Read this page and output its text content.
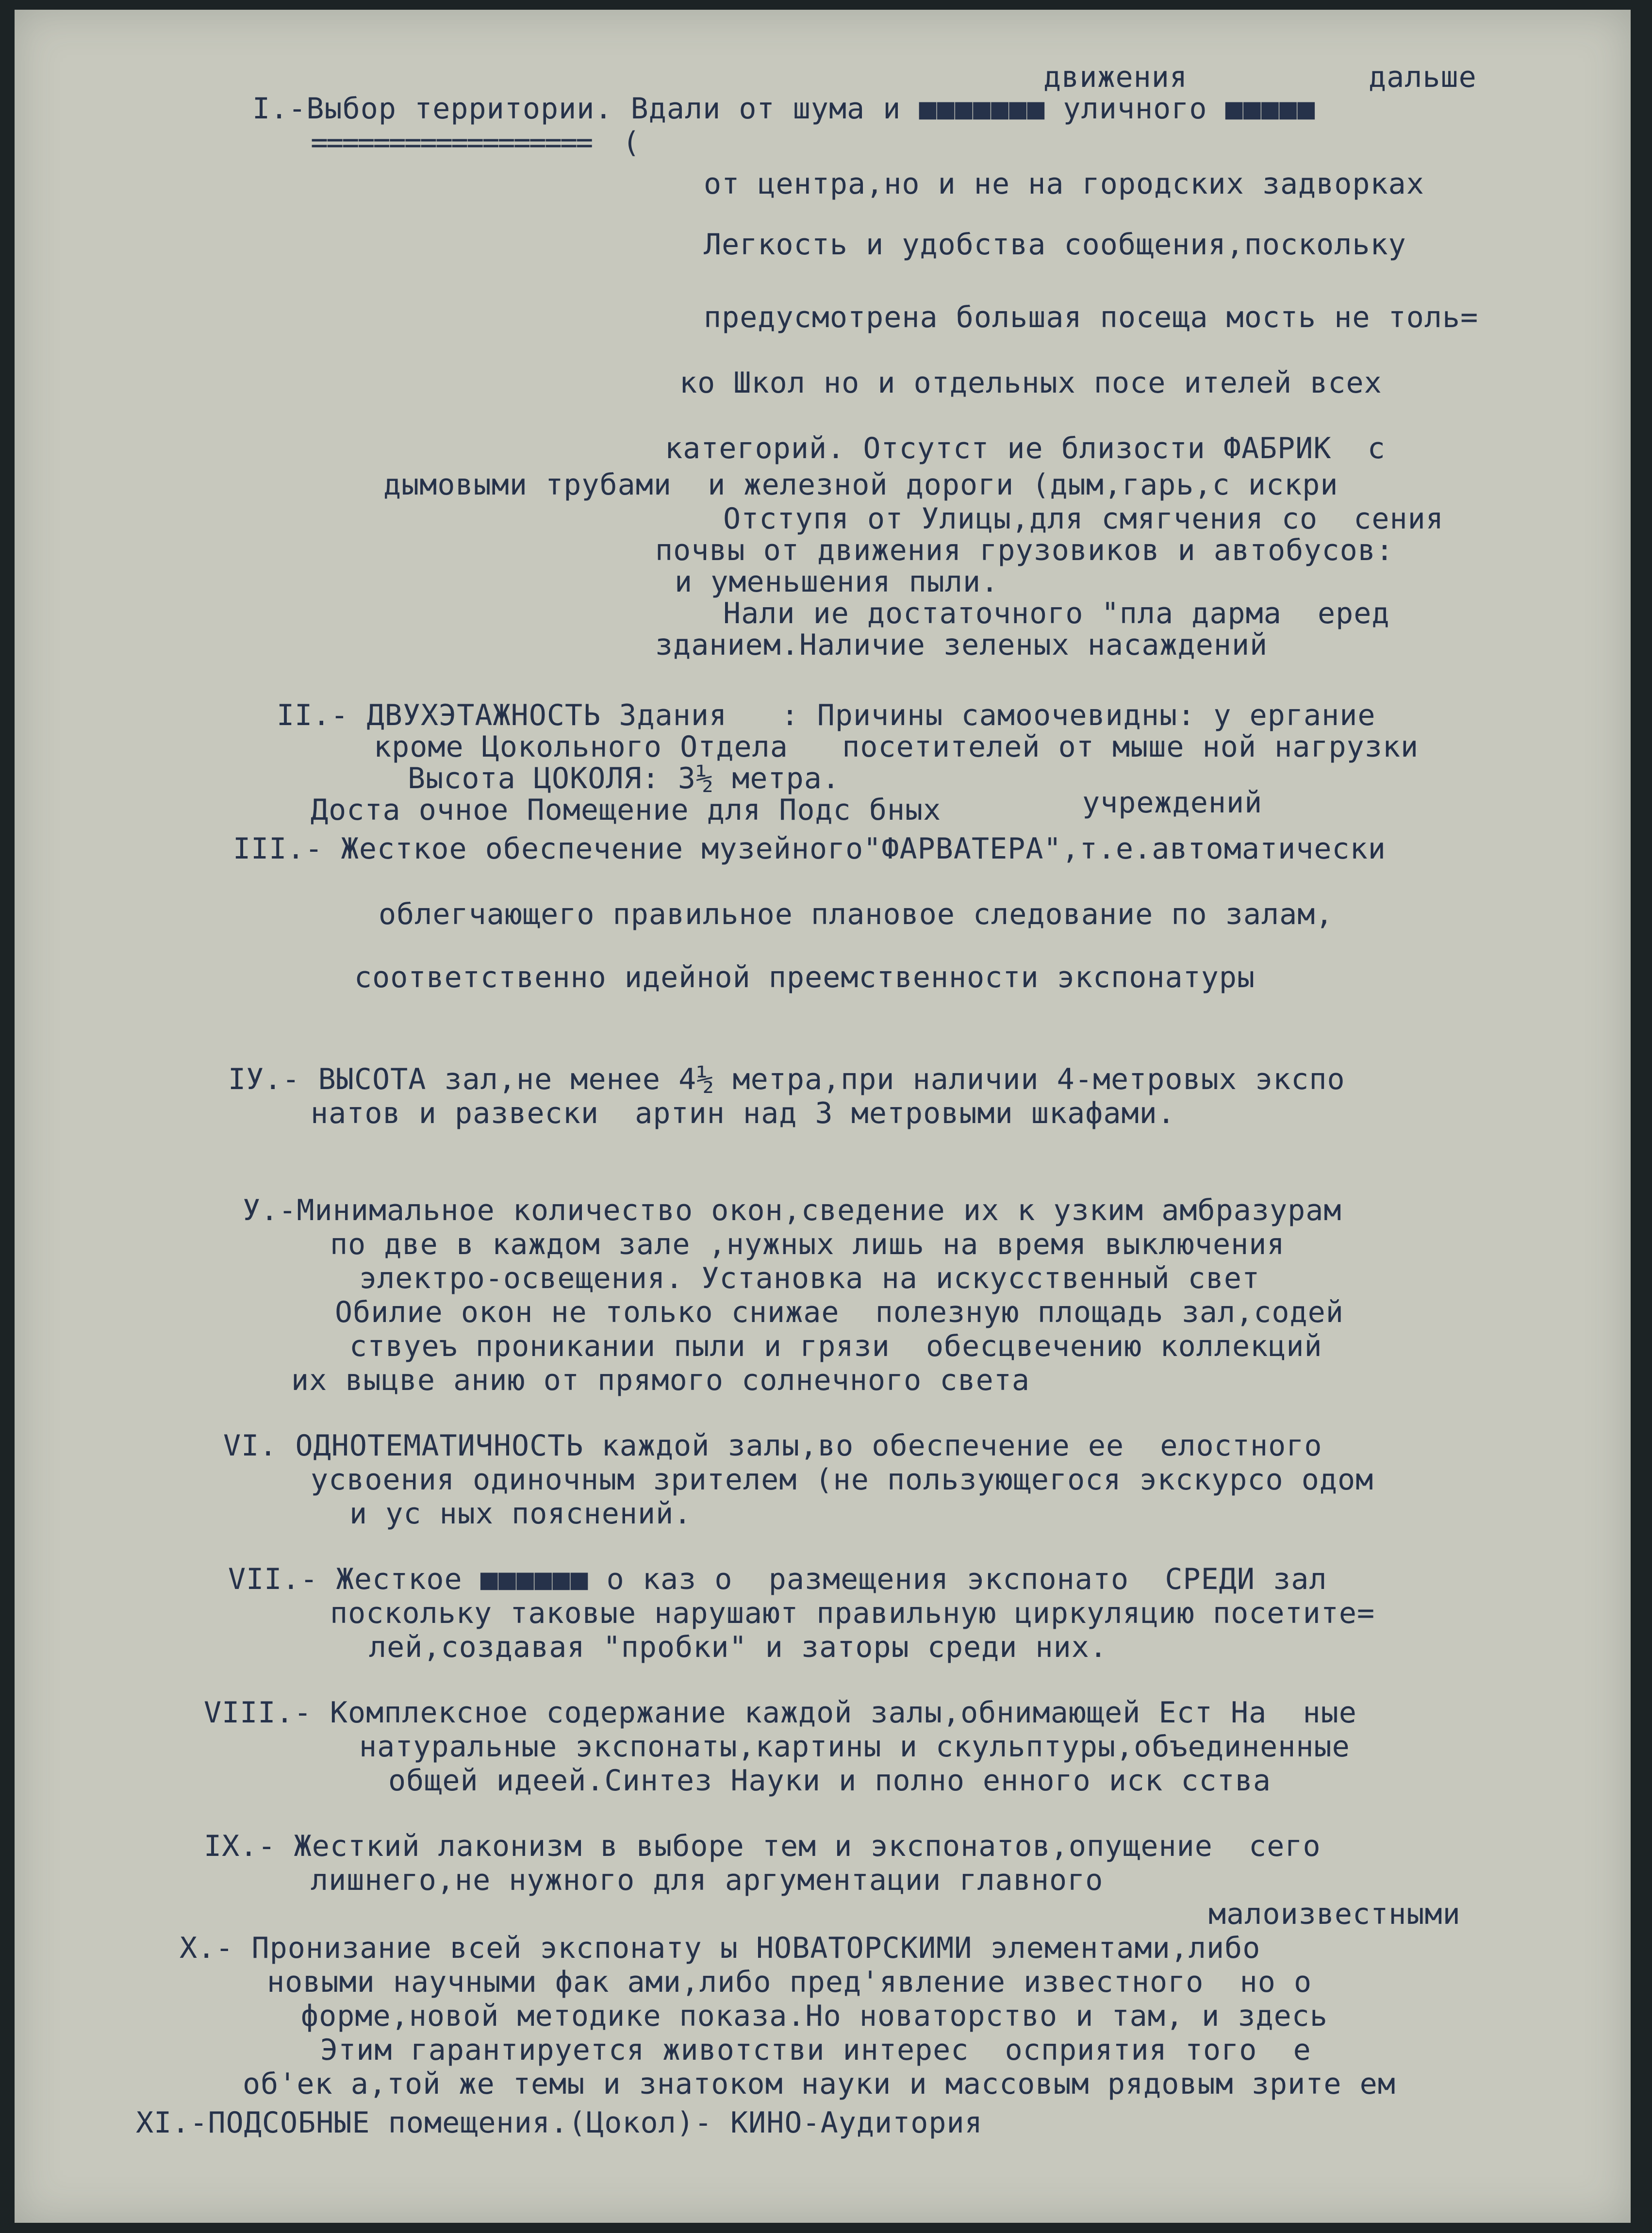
движения	дальше
I.-Выбор территории. Вдали от шума и ■■■■■■■ уличного ■■■■■
==================  (
от центра,но и не на городских задворках
Легкость и удобства сообщения,поскольку
предусмотрена большая посеща мость не толь=
ко Школ но и отдельных посе ителей всех
категорий. Отсутст ие близости ФАБРИК  с
дымовыми трубами  и железной дороги (дым,гарь,с искри
Отступя от Улицы,для смягчения со  сения
почвы от движения грузовиков и автобусов:
и уменьшения пыли.
Нали ие достаточного "пла дарма  еред
зданием.Наличие зеленых насаждений
II.- ДВУХЭТАЖНОСТЬ Здания   : Причины самоочевидны: у ергание
кроме Цокольного Отдела   посетителей от мыше ной нагрузки
Высота ЦОКОЛЯ: 3½ метра.
Доста очное Помещение для Подс бных	учреждений
III.- Жесткое обеспечение музейного"ФАРВАТЕРА",т.е.автоматически
облегчающего правильное плановое следование по залам,
соответственно идейной преемственности экспонатуры
IУ.- ВЫСОТА зал,не менее 4½ метра,при наличии 4-метровых экспо
натов и развески  артин над 3 метровыми шкафами.
У.-Минимальное количество окон,сведение их к узким амбразурам
по две в каждом зале ,нужных лишь на время выключения
электро-освещения. Установка на искусственный свет
Обилие окон не только снижае  полезную площадь зал,содей
ствуеъ проникании пыли и грязи  обесцвечению коллекций
их выцве анию от прямого солнечного света
VI. ОДНОТЕМАТИЧНОСТЬ каждой залы,во обеспечение ее  елостного
усвоения одиночным зрителем (не пользующегося экскурсо одом
и ус ных пояснений.
VII.- Жесткое ■■■■■■ о каз о  размещения экспонато  СРЕДИ зал
поскольку таковые нарушают правильную циркуляцию посетите=
лей,создавая "пробки" и заторы среди них.
VIII.- Комплексное содержание каждой залы,обнимающей Ест На  ные
натуральные экспонаты,картины и скульптуры,объединенные
общей идеей.Синтез Науки и полно енного иск сства
IX.- Жесткий лаконизм в выборе тем и экспонатов,опущение  сего
лишнего,не нужного для аргументации главного
малоизвестными
X.- Пронизание всей экспонату ы НОВАТОРСКИМИ элементами,либо
новыми научными фак ами,либо пред'явление известного  но о
форме,новой методике показа.Но новаторство и там, и здесь
Этим гарантируется животстви интерес  осприятия того  е
об'ек а,той же темы и знатоком науки и массовым рядовым зрите ем
XI.-ПОДСОБНЫЕ помещения.(Цокол)- КИНО-Аудитория
